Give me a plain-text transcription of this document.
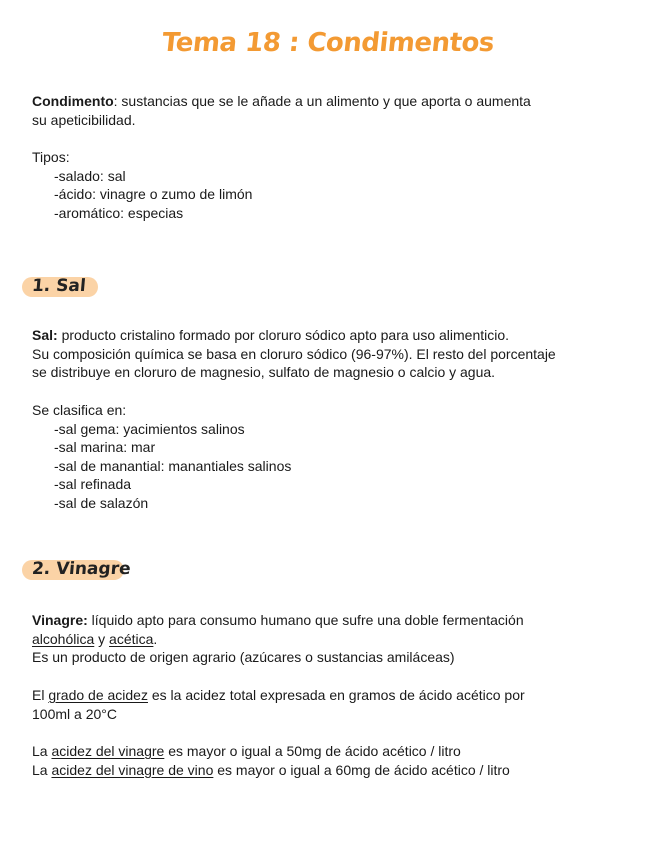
Tema 18 : Condimentos
Condimento: sustancias que se le añade a un alimento y que aporta o aumenta
su apeticibilidad.
Tipos:
-salado: sal
-ácido: vinagre o zumo de limón
-aromático: especias
1. Sal
Sal: producto cristalino formado por cloruro sódico apto para uso alimenticio.
Su composición química se basa en cloruro sódico (96-97%). El resto del porcentaje
se distribuye en cloruro de magnesio, sulfato de magnesio o calcio y agua.
Se clasifica en:
-sal gema: yacimientos salinos
-sal marina: mar
-sal de manantial: manantiales salinos
-sal refinada
-sal de salazón
2. Vinagre
Vinagre: líquido apto para consumo humano que sufre una doble fermentación
alcohólica y acética.
Es un producto de origen agrario (azúcares o sustancias amiláceas)
El grado de acidez es la acidez total expresada en gramos de ácido acético por
100ml a 20°C
La acidez del vinagre es mayor o igual a 50mg de ácido acético / litro
La acidez del vinagre de vino es mayor o igual a 60mg de ácido acético / litro
